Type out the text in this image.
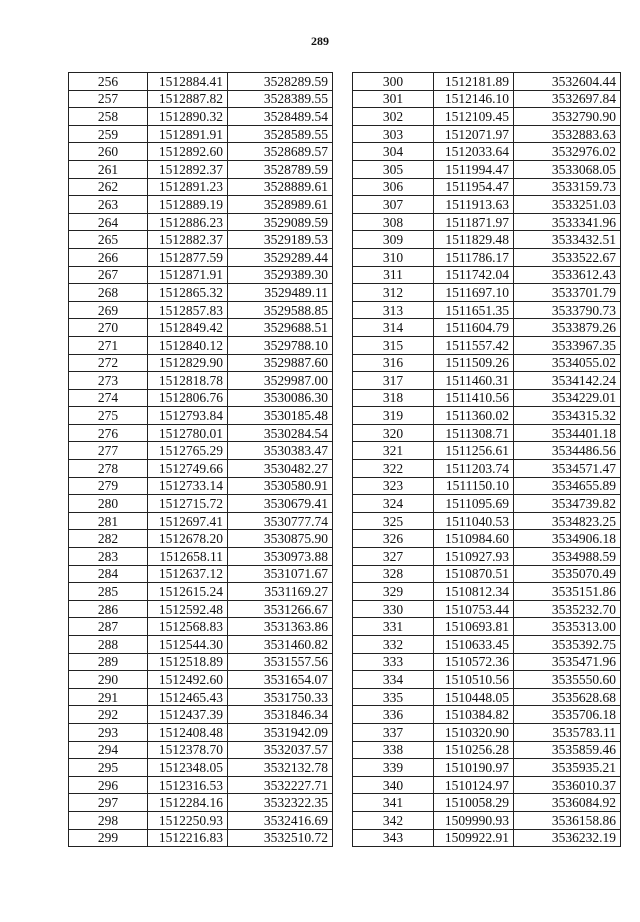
289
256	1512884.41	3528289.59
257	1512887.82	3528389.55
258	1512890.32	3528489.54
259	1512891.91	3528589.55
260	1512892.60	3528689.57
261	1512892.37	3528789.59
262	1512891.23	3528889.61
263	1512889.19	3528989.61
264	1512886.23	3529089.59
265	1512882.37	3529189.53
266	1512877.59	3529289.44
267	1512871.91	3529389.30
268	1512865.32	3529489.11
269	1512857.83	3529588.85
270	1512849.42	3529688.51
271	1512840.12	3529788.10
272	1512829.90	3529887.60
273	1512818.78	3529987.00
274	1512806.76	3530086.30
275	1512793.84	3530185.48
276	1512780.01	3530284.54
277	1512765.29	3530383.47
278	1512749.66	3530482.27
279	1512733.14	3530580.91
280	1512715.72	3530679.41
281	1512697.41	3530777.74
282	1512678.20	3530875.90
283	1512658.11	3530973.88
284	1512637.12	3531071.67
285	1512615.24	3531169.27
286	1512592.48	3531266.67
287	1512568.83	3531363.86
288	1512544.30	3531460.82
289	1512518.89	3531557.56
290	1512492.60	3531654.07
291	1512465.43	3531750.33
292	1512437.39	3531846.34
293	1512408.48	3531942.09
294	1512378.70	3532037.57
295	1512348.05	3532132.78
296	1512316.53	3532227.71
297	1512284.16	3532322.35
298	1512250.93	3532416.69
299	1512216.83	3532510.72
300	1512181.89	3532604.44
301	1512146.10	3532697.84
302	1512109.45	3532790.90
303	1512071.97	3532883.63
304	1512033.64	3532976.02
305	1511994.47	3533068.05
306	1511954.47	3533159.73
307	1511913.63	3533251.03
308	1511871.97	3533341.96
309	1511829.48	3533432.51
310	1511786.17	3533522.67
311	1511742.04	3533612.43
312	1511697.10	3533701.79
313	1511651.35	3533790.73
314	1511604.79	3533879.26
315	1511557.42	3533967.35
316	1511509.26	3534055.02
317	1511460.31	3534142.24
318	1511410.56	3534229.01
319	1511360.02	3534315.32
320	1511308.71	3534401.18
321	1511256.61	3534486.56
322	1511203.74	3534571.47
323	1511150.10	3534655.89
324	1511095.69	3534739.82
325	1511040.53	3534823.25
326	1510984.60	3534906.18
327	1510927.93	3534988.59
328	1510870.51	3535070.49
329	1510812.34	3535151.86
330	1510753.44	3535232.70
331	1510693.81	3535313.00
332	1510633.45	3535392.75
333	1510572.36	3535471.96
334	1510510.56	3535550.60
335	1510448.05	3535628.68
336	1510384.82	3535706.18
337	1510320.90	3535783.11
338	1510256.28	3535859.46
339	1510190.97	3535935.21
340	1510124.97	3536010.37
341	1510058.29	3536084.92
342	1509990.93	3536158.86
343	1509922.91	3536232.19
